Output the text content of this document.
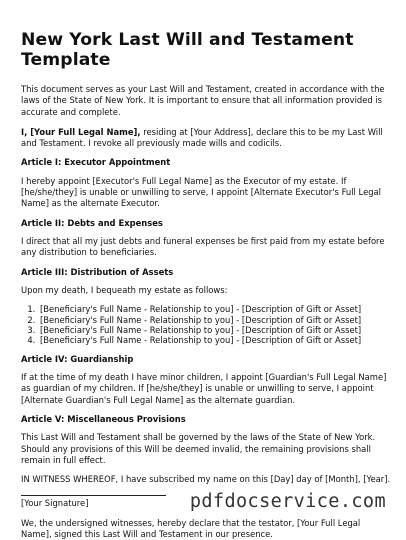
New York Last Will and Testament Template

This document serves as your Last Will and Testament, created in accordance with the laws of the State of New York. It is important to ensure that all information provided is accurate and complete.

I, [Your Full Legal Name], residing at [Your Address], declare this to be my Last Will and Testament. I revoke all previously made wills and codicils.

Article I: Executor Appointment

I hereby appoint [Executor's Full Legal Name] as the Executor of my estate. If [he/she/they] is unable or unwilling to serve, I appoint [Alternate Executor's Full Legal Name] as the alternate Executor.

Article II: Debts and Expenses

I direct that all my just debts and funeral expenses be first paid from my estate before any distribution to beneficiaries.

Article III: Distribution of Assets

Upon my death, I bequeath my estate as follows:

1. [Beneficiary's Full Name - Relationship to you] - [Description of Gift or Asset]
2. [Beneficiary's Full Name - Relationship to you] - [Description of Gift or Asset]
3. [Beneficiary's Full Name - Relationship to you] - [Description of Gift or Asset]
4. [Beneficiary's Full Name - Relationship to you] - [Description of Gift or Asset]
Article IV: Guardianship

If at the time of my death I have minor children, I appoint [Guardian's Full Legal Name] as guardian of my children. If [he/she/they] is unable or unwilling to serve, I appoint [Alternate Guardian's Full Legal Name] as the alternate guardian.

Article V: Miscellaneous Provisions

This Last Will and Testament shall be governed by the laws of the State of New York. Should any provisions of this Will be deemed invalid, the remaining provisions shall remain in full effect.

IN WITNESS WHEREOF, I have subscribed my name on this [Day] day of [Month], [Year].

[Your Signature]

We, the undersigned witnesses, hereby declare that the testator, [Your Full Legal Name], signed this Last Will and Testament in our presence.

pdfdocservice.com
